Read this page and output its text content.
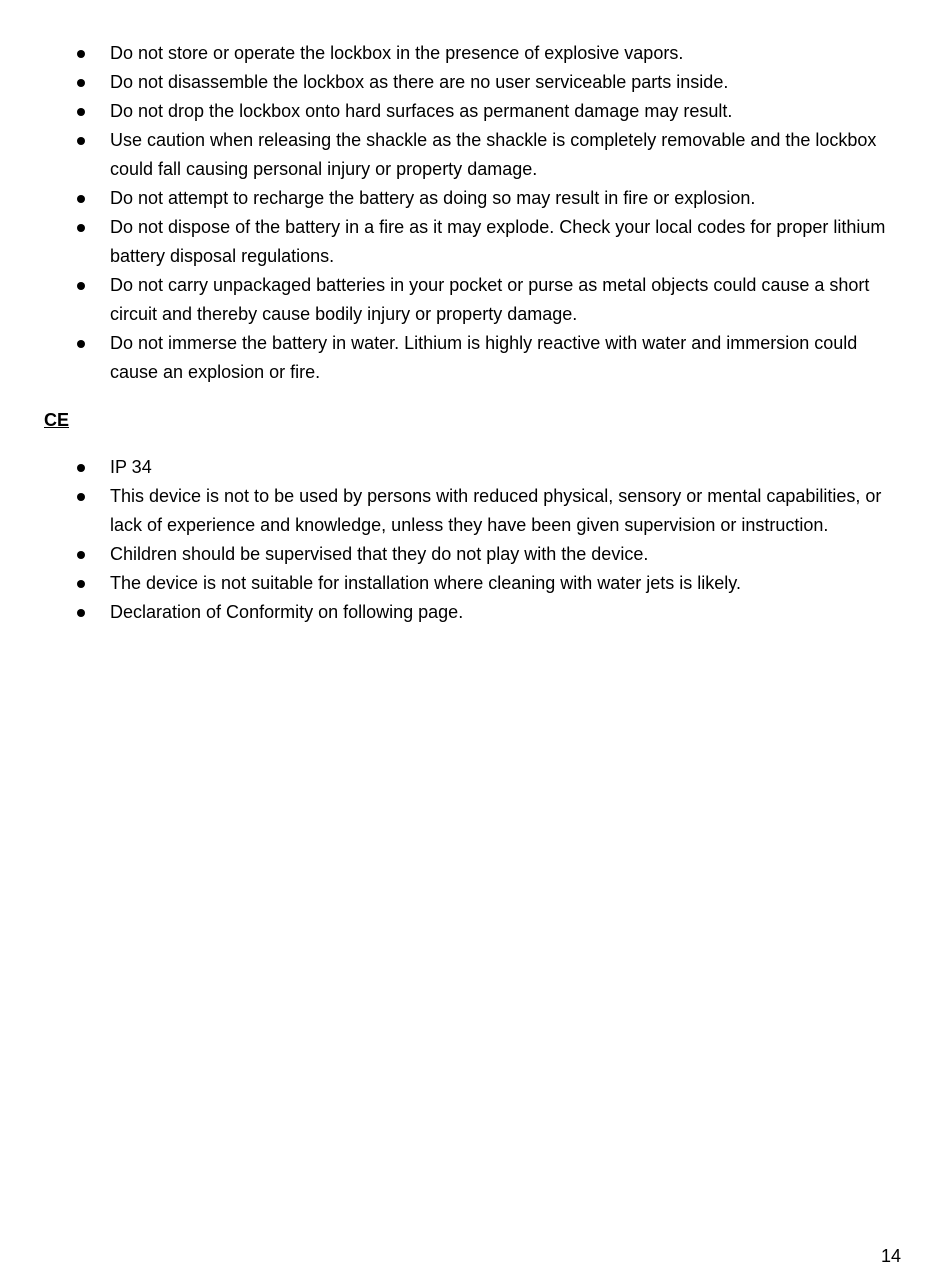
Do not store or operate the lockbox in the presence of explosive vapors.
Do not disassemble the lockbox as there are no user serviceable parts inside.
Do not drop the lockbox onto hard surfaces as permanent damage may result.
Use caution when releasing the shackle as the shackle is completely removable and the lockbox could fall causing personal injury or property damage.
Do not attempt to recharge the battery as doing so may result in fire or explosion.
Do not dispose of the battery in a fire as it may explode. Check your local codes for proper lithium battery disposal regulations.
Do not carry unpackaged batteries in your pocket or purse as metal objects could cause a short circuit and thereby cause bodily injury or property damage.
Do not immerse the battery in water. Lithium is highly reactive with water and immersion could cause an explosion or fire.
CE
IP 34
This device is not to be used by persons with reduced physical, sensory or mental capabilities, or lack of experience and knowledge, unless they have been given supervision or instruction.
Children should be supervised that they do not play with the device.
The device is not suitable for installation where cleaning with water jets is likely.
Declaration of Conformity on following page.
14
